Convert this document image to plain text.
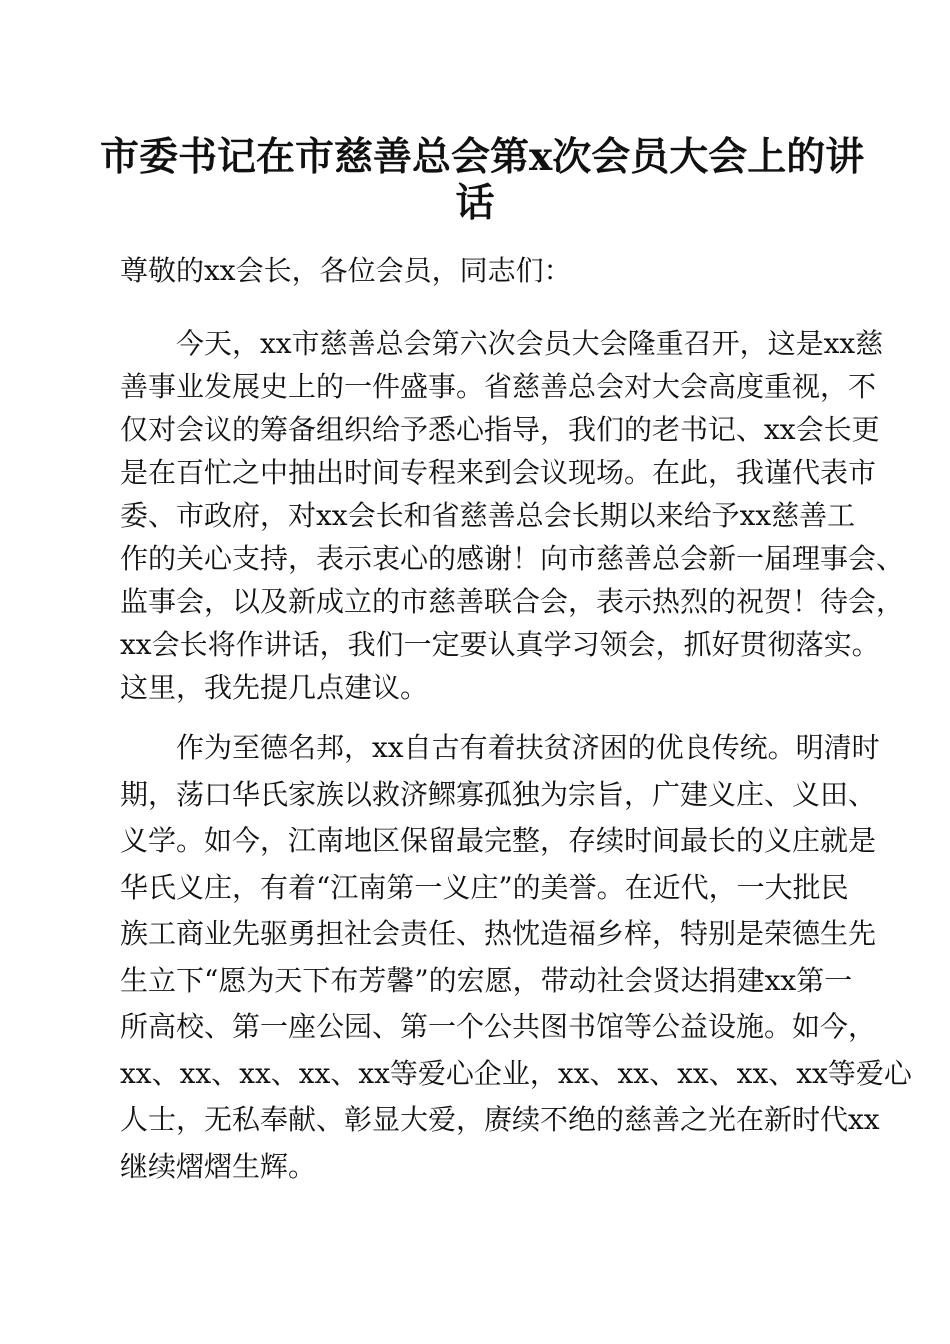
市委书记在市慈善总会第x次会员大会上的讲
话
尊敬的xx会长，各位会员，同志们：
今天，xx市慈善总会第六次会员大会隆重召开，这是xx慈
善事业发展史上的一件盛事。省慈善总会对大会高度重视，不
仅对会议的筹备组织给予悉心指导，我们的老书记、xx会长更
是在百忙之中抽出时间专程来到会议现场。在此，我谨代表市
委、市政府，对xx会长和省慈善总会长期以来给予xx慈善工
作的关心支持，表示衷心的感谢！向市慈善总会新一届理事会、
监事会，以及新成立的市慈善联合会，表示热烈的祝贺！待会，
xx会长将作讲话，我们一定要认真学习领会，抓好贯彻落实。
这里，我先提几点建议。
作为至德名邦，xx自古有着扶贫济困的优良传统。明清时
期，荡口华氏家族以救济鳏寡孤独为宗旨，广建义庄、义田、
义学。如今，江南地区保留最完整，存续时间最长的义庄就是
华氏义庄，有着“江南第一义庄”的美誉。在近代，一大批民
族工商业先驱勇担社会责任、热忱造福乡梓，特别是荣德生先
生立下“愿为天下布芳馨”的宏愿，带动社会贤达捐建xx第一
所高校、第一座公园、第一个公共图书馆等公益设施。如今，
xx、xx、xx、xx、xx等爱心企业，xx、xx、xx、xx、xx等爱心
人士，无私奉献、彰显大爱，赓续不绝的慈善之光在新时代xx
继续熠熠生辉。
